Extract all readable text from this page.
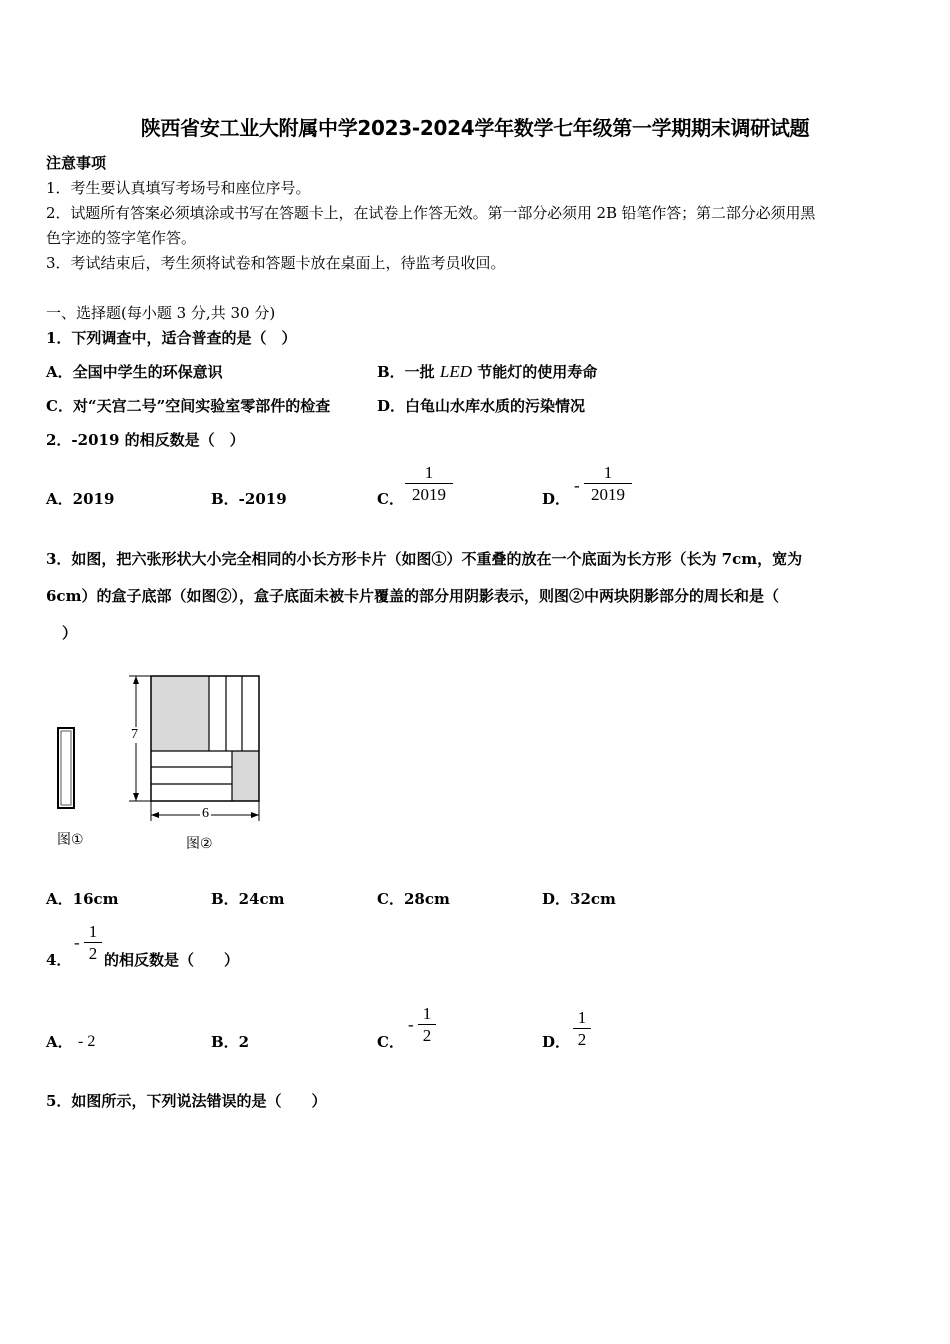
陕西省安工业大附属中学2023-2024学年数学七年级第一学期期末调研试题
注意事项
1．考生要认真填写考场号和座位序号。
2．试题所有答案必须填涂或书写在答题卡上，在试卷上作答无效。第一部分必须用 2B 铅笔作答；第二部分必须用黑
色字迹的签字笔作答。
3．考试结束后，考生须将试卷和答题卡放在桌面上，待监考员收回。
一、选择题(每小题 3 分,共 30 分)
1．下列调查中，适合普查的是（　）
A．全国中学生的环保意识	B．一批 LED 节能灯的使用寿命
C．对“天宫二号”空间实验室零部件的检查	D．白龟山水库水质的污染情况
2．-2019 的相反数是（　）
A．2019	B．-2019	C．
1
2019	D．
-
1
2019
3．如图，把六张形状大小完全相同的小长方形卡片（如图①）不重叠的放在一个底面为长方形（长为 7cm，宽为
6cm）的盒子底部（如图②），盒子底面未被卡片覆盖的部分用阴影表示，则图②中两块阴影部分的周长和是（
）
图①
7
6
图②
A．16cm	B．24cm	C．28cm	D．32cm
4．
-
1
2 的相反数是（　　）
A． - 2	B．2	C．
-
1
2	D．
1
2
5．如图所示，下列说法错误的是（　　）
